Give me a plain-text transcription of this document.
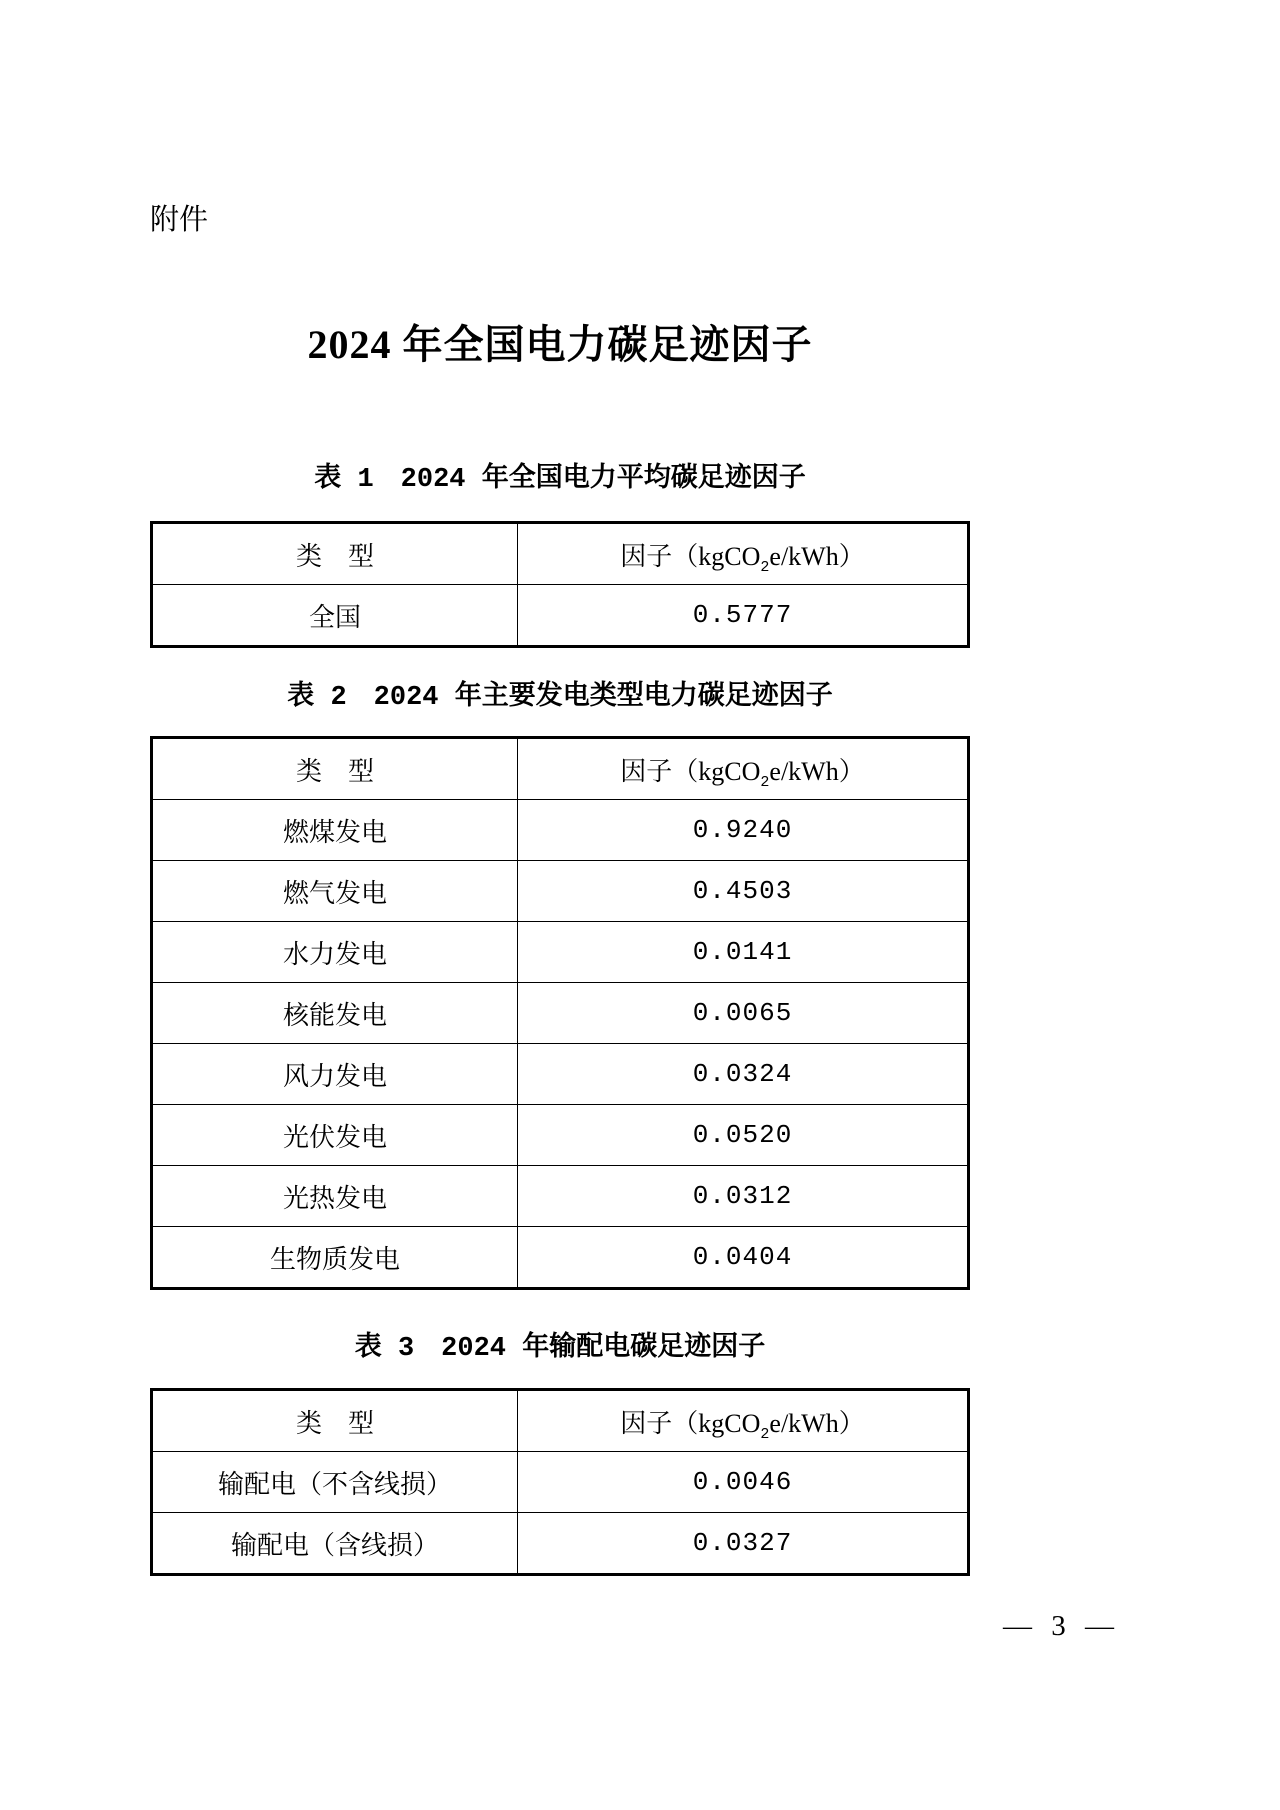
附件
2024 年全国电力碳足迹因子
表 1　2024 年全国电力平均碳足迹因子
类　型	因子（kgCO$_2$e/kWh）
全国	0.5777
表 2　2024 年主要发电类型电力碳足迹因子
类　型	因子（kgCO$_2$e/kWh）
燃煤发电	0.9240
燃气发电	0.4503
水力发电	0.0141
核能发电	0.0065
风力发电	0.0324
光伏发电	0.0520
光热发电	0.0312
生物质发电	0.0404
表 3　2024 年输配电碳足迹因子
类　型	因子（kgCO$_2$e/kWh）
输配电（不含线损）	0.0046
输配电（含线损）	0.0327
— 3 —
